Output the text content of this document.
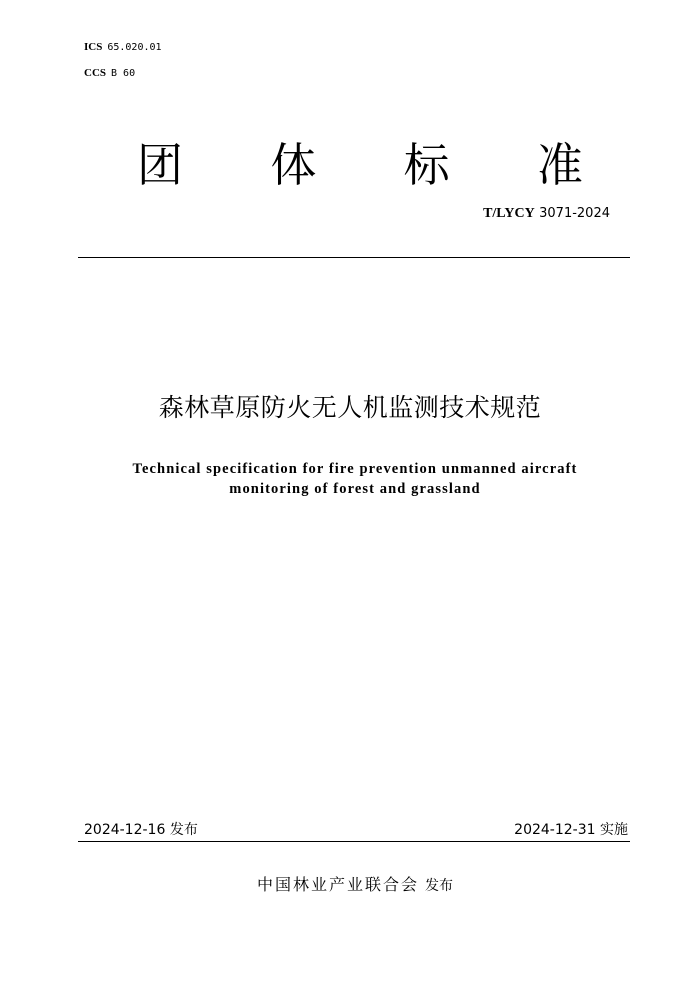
ICS 65.020.01
CCS B 60
团 体 标 准
T/LYCY 3071-2024
森林草原防火无人机监测技术规范
Technical specification for fire prevention unmanned aircraft
monitoring of forest and grassland
2024-12-16 发布	2024-12-31 实施
中国林业产业联合会 发布
